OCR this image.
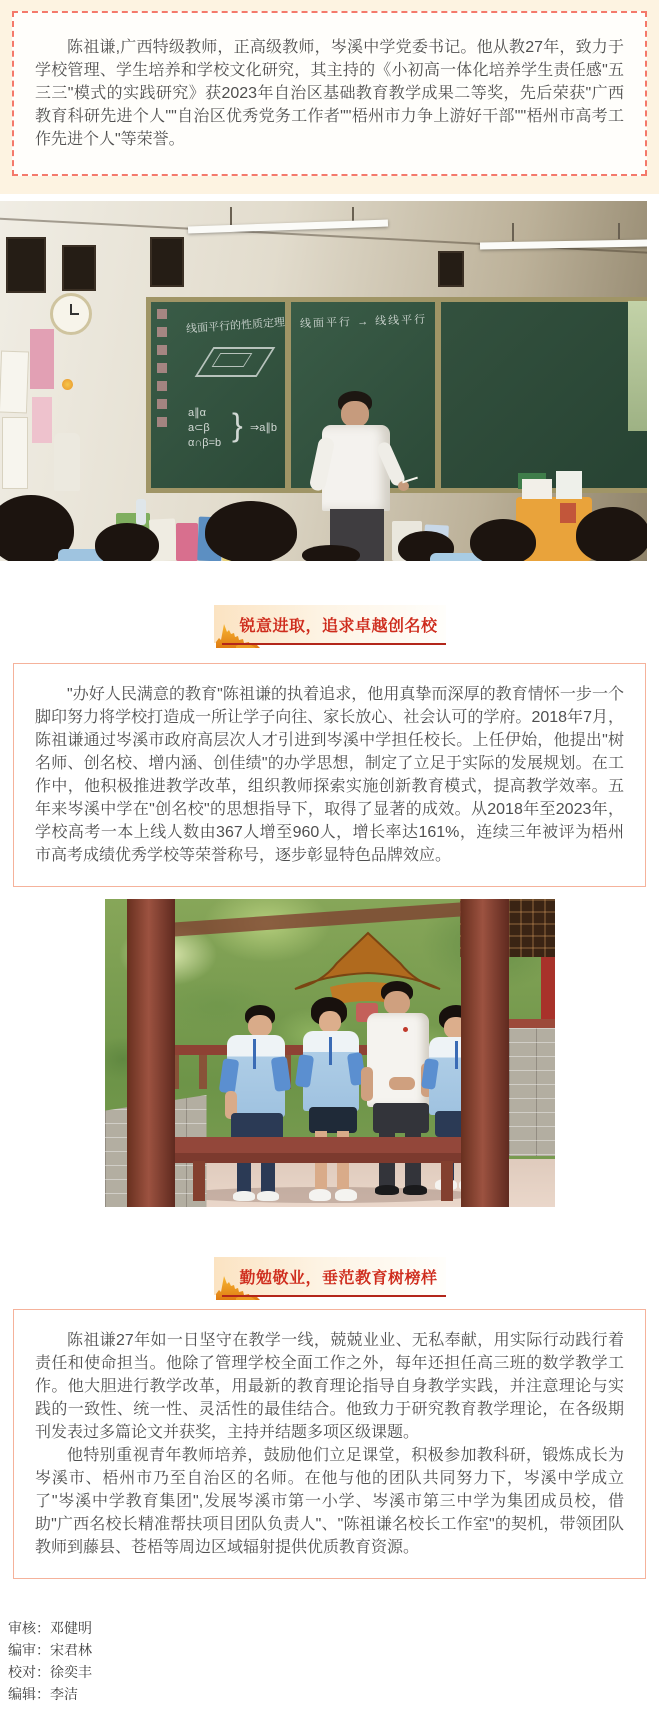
陈祖谦,广西特级教师，正高级教师，岑溪中学党委书记。他从教27年，致力于学校管理、学生培养和学校文化研究，其主持的《小初高一体化培养学生责任感"五三三"模式的实践研究》获2023年自治区基础教育教学成果二等奖，先后荣获"广西教育科研先进个人""自治区优秀党务工作者""梧州市力争上游好干部""梧州市高考工作先进个人"等荣誉。

线面平行的性质定理
a∥α
a⊂β
α∩β=b } ⇒a∥b
线面平行 → 线线平行
锐意进取，追求卓越创名校

"办好人民满意的教育"陈祖谦的执着追求，他用真挚而深厚的教育情怀一步一个脚印努力将学校打造成一所让学子向往、家长放心、社会认可的学府。2018年7月，陈祖谦通过岑溪市政府高层次人才引进到岑溪中学担任校长。上任伊始，他提出"树名师、创名校、增内涵、创佳绩"的办学思想，制定了立足于实际的发展规划。在工作中，他积极推进教学改革，组织教师探索实施创新教育模式，提高教学效率。五年来岑溪中学在"创名校"的思想指导下，取得了显著的成效。从2018年至2023年，学校高考一本上线人数由367人增至960人，增长率达161%，连续三年被评为梧州市高考成绩优秀学校等荣誉称号，逐步彰显特色品牌效应。

勤勉敬业，垂范教育树榜样

陈祖谦27年如一日坚守在教学一线，兢兢业业、无私奉献，用实际行动践行着责任和使命担当。他除了管理学校全面工作之外，每年还担任高三班的数学教学工作。他大胆进行教学改革，用最新的教育理论指导自身教学实践，并注意理论与实践的一致性、统一性、灵活性的最佳结合。他致力于研究教育教学理论，在各级期刊发表过多篇论文并获奖，主持并结题多项区级课题。

他特别重视青年教师培养，鼓励他们立足课堂，积极参加教科研，锻炼成长为岑溪市、梧州市乃至自治区的名师。在他与他的团队共同努力下，岑溪中学成立了"岑溪中学教育集团",发展岑溪市第一小学、岑溪市第三中学为集团成员校，借助"广西名校长精准帮扶项目团队负责人"、"陈祖谦名校长工作室"的契机，带领团队教师到藤县、苍梧等周边区域辐射提供优质教育资源。

审核：邓健明
编审：宋君林
校对：徐奕丰
编辑：李洁
